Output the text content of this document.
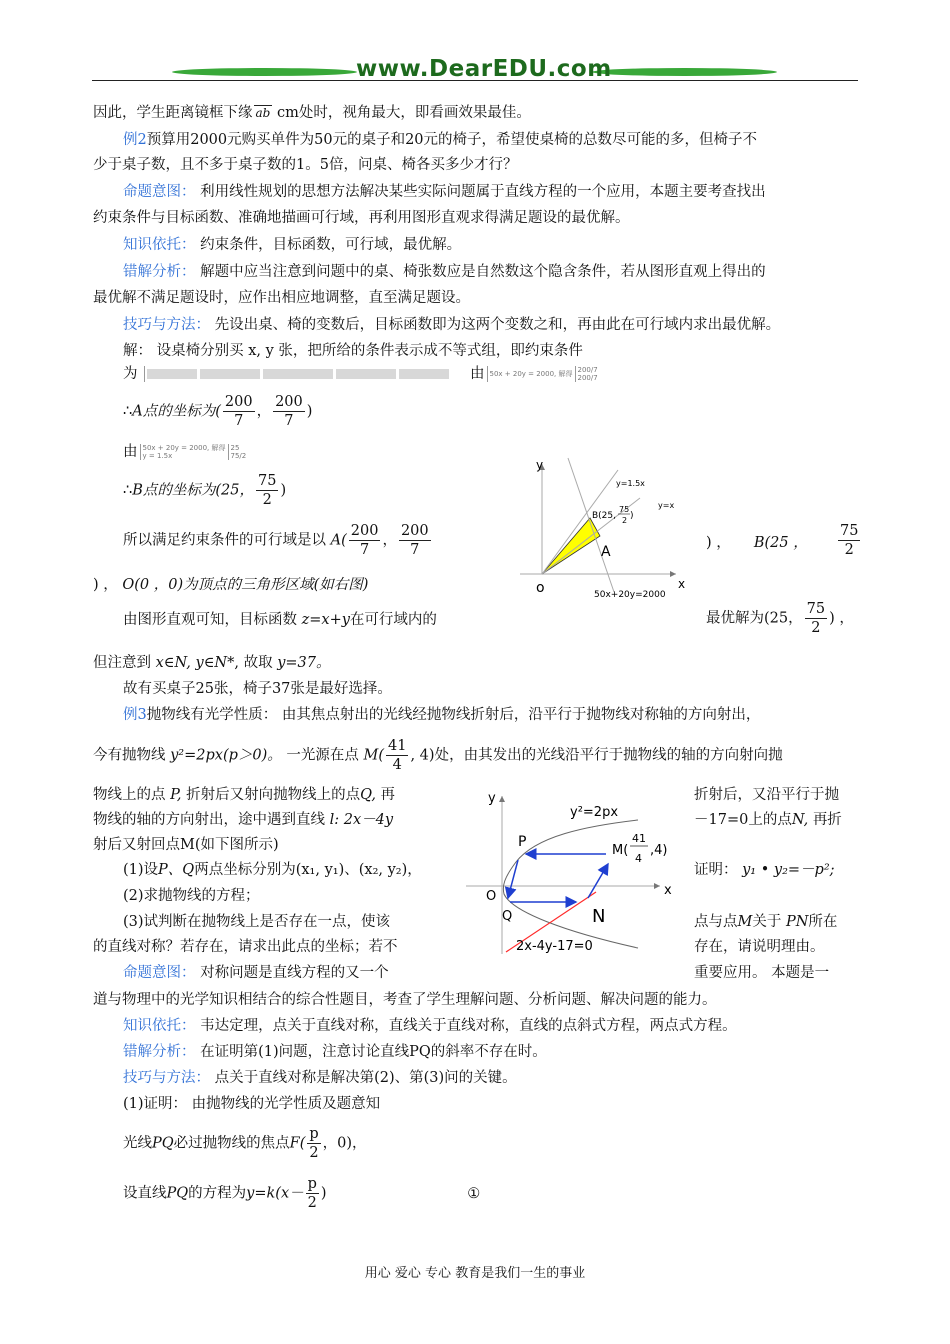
www.DearEDU.com
因此，学生距离镜框下缘 ab cm处时，视角最大，即看画效果最佳。
例2预算用2000元购买单件为50元的桌子和20元的椅子，希望使桌椅的总数尽可能的多，但椅子不
少于桌子数，且不多于桌子数的1。5倍，问桌、椅各买多少才行？
命题意图： 利用线性规划的思想方法解决某些实际问题属于直线方程的一个应用，本题主要考查找出
约束条件与目标函数、准确地描画可行域，再利用图形直观求得满足题设的最优解。
知识依托： 约束条件，目标函数，可行域，最优解。
错解分析： 解题中应当注意到问题中的桌、椅张数应是自然数这个隐含条件，若从图形直观上得出的
最优解不满足题设时，应作出相应地调整，直至满足题设。
技巧与方法： 先设出桌、椅的变数后，目标函数即为这两个变数之和，再由此在可行域内求出最优解。
解： 设桌椅分别买 x, y 张，把所给的条件表示成不等式组，即约束条件
为	由 50x + 20y = 2000, 解得 200/7
200/7
∴A点的坐标为( $\frac{200}{7}$ ， $\frac{200}{7}$ )
由 50x + 20y = 2000, 解得
y = 1.5x
25
75/2
∴B点的坐标为(25， $\frac{75}{2}$ )
所以满足约束条件的可行域是以 $A( \frac{200}{7}$ ， $\frac{200}{7}$	) ， B(25 ， $\frac{75}{2}$
) ， O(0 ，0)为顶点的三角形区域(如右图)
由图形直观可知，目标函数 z=x+y在可行域内的	最优解为(25， $\frac{75}{2}$ ) ，
但注意到 x∈N, y∈N*, 故取 y=37。
故有买桌子25张，椅子37张是最好选择。
例3抛物线有光学性质： 由其焦点射出的光线经抛物线折射后，沿平行于抛物线对称轴的方向射出，
今有抛物线 y²=2px(p＞0)。 一光源在点 $M( \frac{41}{4}$ , 4)处，由其发出的光线沿平行于抛物线的轴的方向射向抛
物线上的点 P, 折射后又射向抛物线上的点Q, 再	折射后，又沿平行于抛
物线的轴的方向射出，途中遇到直线 l: 2x－4y	－17=0上的点N, 再折
射后又射回点M(如下图所示)
(1)设P、Q两点坐标分别为(x₁, y₁)、(x₂, y₂)，	证明： y₁ • y₂=－p²;
(2)求抛物线的方程；
(3)试判断在抛物线上是否存在一点，使该	点与点M关于 PN所在
的直线对称？若存在，请求出此点的坐标；若不	存在，请说明理由。
命题意图： 对称问题是直线方程的又一个	重要应用。 本题是一
道与物理中的光学知识相结合的综合性题目，考查了学生理解问题、分析问题、解决问题的能力。
知识依托： 韦达定理，点关于直线对称，直线关于直线对称，直线的点斜式方程，两点式方程。
错解分析： 在证明第(1)问题，注意讨论直线PQ的斜率不存在时。
技巧与方法： 点关于直线对称是解决第(2)、第(3)问的关键。
(1)证明： 由抛物线的光学性质及题意知
光线PQ必过抛物线的焦点$F( \frac{p}{2}$ ，0)，
设直线PQ的方程为$y=k(x- \frac{p}{2}$ )	①
y
x
o
A
y=1.5x
y=x
B(25,
75
2 )
50x+20y=2000
y
x
O
P
Q	N
y²=2px
M(
41
4
,4)
2x-4y-17=0
用心 爱心 专心 教育是我们一生的事业
